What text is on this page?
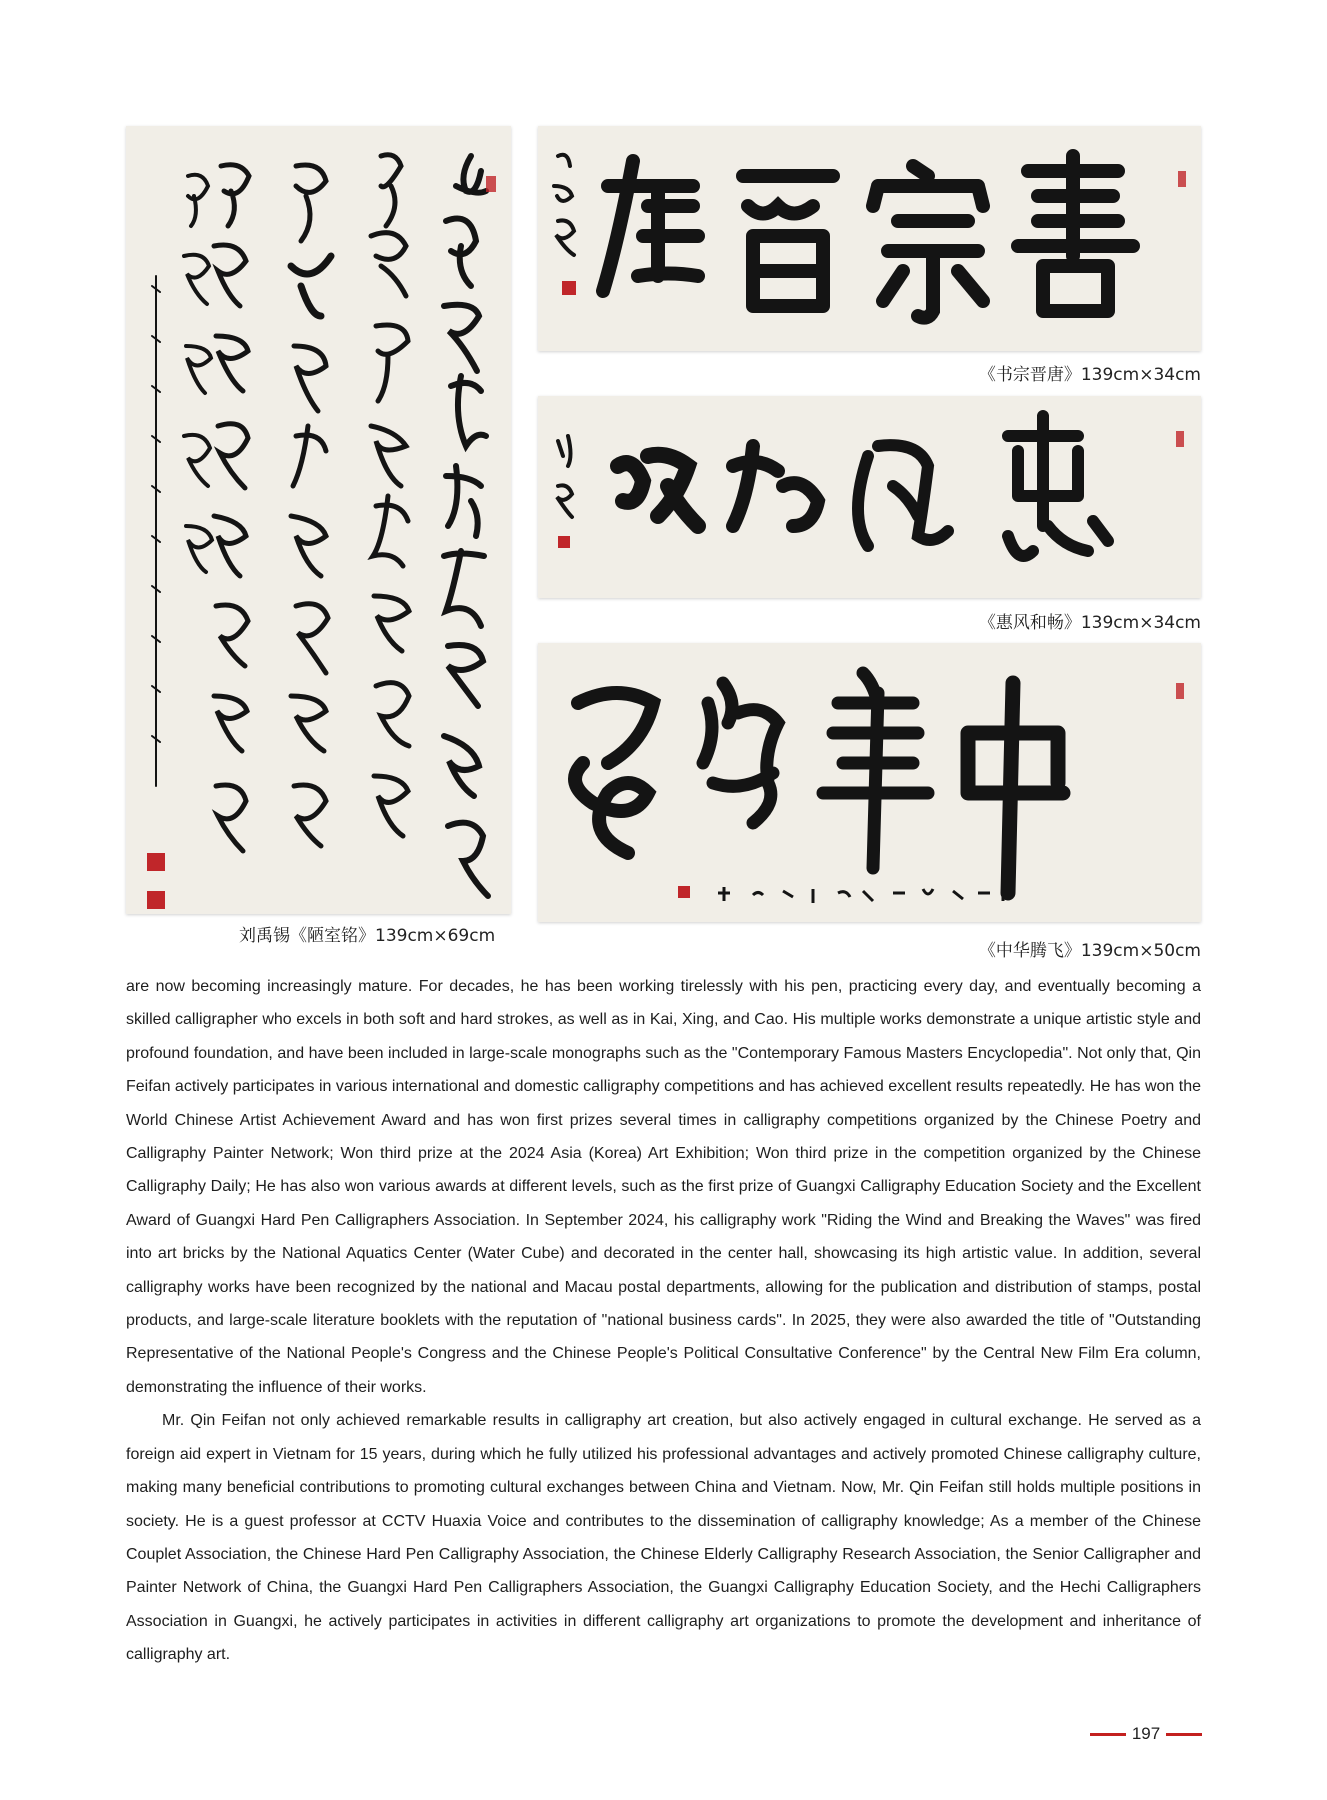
刘禹锡《陋室铭》139cm×69cm
《书宗晋唐》139cm×34cm
《惠风和畅》139cm×34cm
《中华腾飞》139cm×50cm

are now becoming increasingly mature. For decades, he has been working tirelessly with his pen, practicing every day, and eventually becoming a skilled calligrapher who excels in both soft and hard strokes, as well as in Kai, Xing, and Cao. His multiple works demonstrate a unique artistic style and profound foundation, and have been included in large-scale monographs such as the "Contemporary Famous Masters Encyclopedia". Not only that, Qin Feifan actively participates in various international and domestic calligraphy competitions and has achieved excellent results repeatedly. He has won the World Chinese Artist Achievement Award and has won first prizes several times in calligraphy competitions organized by the Chinese Poetry and Calligraphy Painter Network; Won third prize at the 2024 Asia (Korea) Art Exhibition; Won third prize in the competition organized by the Chinese Calligraphy Daily; He has also won various awards at different levels, such as the first prize of Guangxi Calligraphy Education Society and the Excellent Award of Guangxi Hard Pen Calligraphers Association. In September 2024, his calligraphy work "Riding the Wind and Breaking the Waves" was fired into art bricks by the National Aquatics Center (Water Cube) and decorated in the center hall, showcasing its high artistic value. In addition, several calligraphy works have been recognized by the national and Macau postal departments, allowing for the publication and distribution of stamps, postal products, and large-scale literature booklets with the reputation of "national business cards". In 2025, they were also awarded the title of "Outstanding Representative of the National People's Congress and the Chinese People's Political Consultative Conference" by the Central New Film Era column, demonstrating the influence of their works.

Mr. Qin Feifan not only achieved remarkable results in calligraphy art creation, but also actively engaged in cultural exchange. He served as a foreign aid expert in Vietnam for 15 years, during which he fully utilized his professional advantages and actively promoted Chinese calligraphy culture, making many beneficial contributions to promoting cultural exchanges between China and Vietnam. Now, Mr. Qin Feifan still holds multiple positions in society. He is a guest professor at CCTV Huaxia Voice and contributes to the dissemination of calligraphy knowledge; As a member of the Chinese Couplet Association, the Chinese Hard Pen Calligraphy Association, the Chinese Elderly Calligraphy Research Association, the Senior Calligrapher and Painter Network of China, the Guangxi Hard Pen Calligraphers Association, the Guangxi Calligraphy Education Society, and the Hechi Calligraphers Association in Guangxi, he actively participates in activities in different calligraphy art organizations to promote the development and inheritance of calligraphy art.

197
